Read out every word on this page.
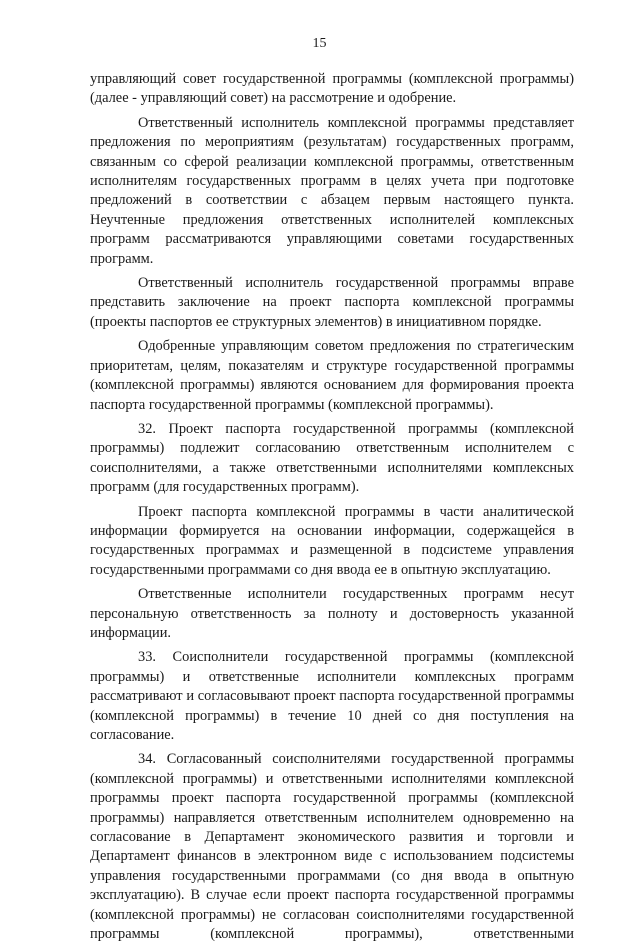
15

управляющий совет государственной программы (комплексной программы) (далее - управляющий совет) на рассмотрение и одобрение.

Ответственный исполнитель комплексной программы представляет предложения по мероприятиям (результатам) государственных программ, связанным со сферой реализации комплексной программы, ответственным исполнителям государственных программ в целях учета при подготовке предложений в соответствии с абзацем первым настоящего пункта. Неучтенные предложения ответственных исполнителей комплексных программ рассматриваются управляющими советами государственных программ.

Ответственный исполнитель государственной программы вправе представить заключение на проект паспорта комплексной программы (проекты паспортов ее структурных элементов) в инициативном порядке.

Одобренные управляющим советом предложения по стратегическим приоритетам, целям, показателям и структуре государственной программы (комплексной программы) являются основанием для формирования проекта паспорта государственной программы (комплексной программы).

32. Проект паспорта государственной программы (комплексной программы) подлежит согласованию ответственным исполнителем с соисполнителями, а также ответственными исполнителями комплексных программ (для государственных программ).

Проект паспорта комплексной программы в части аналитической информации формируется на основании информации, содержащейся в государственных программах и размещенной в подсистеме управления государственными программами со дня ввода ее в опытную эксплуатацию.

Ответственные исполнители государственных программ несут персональную ответственность за полноту и достоверность указанной информации.

33. Соисполнители государственной программы (комплексной программы) и ответственные исполнители комплексных программ рассматривают и согласовывают проект паспорта государственной программы (комплексной программы) в течение 10 дней со дня поступления на согласование.

34. Согласованный соисполнителями государственной программы (комплексной программы) и ответственными исполнителями комплексной программы проект паспорта государственной программы (комплексной программы) направляется ответственным исполнителем одновременно на согласование в Департамент экономического развития и торговли и Департамент финансов в электронном виде с использованием подсистемы управления государственными программами (со дня ввода в опытную эксплуатацию). В случае если проект паспорта государственной программы (комплексной программы) не согласован соисполнителями государственной программы (комплексной программы), ответственными
